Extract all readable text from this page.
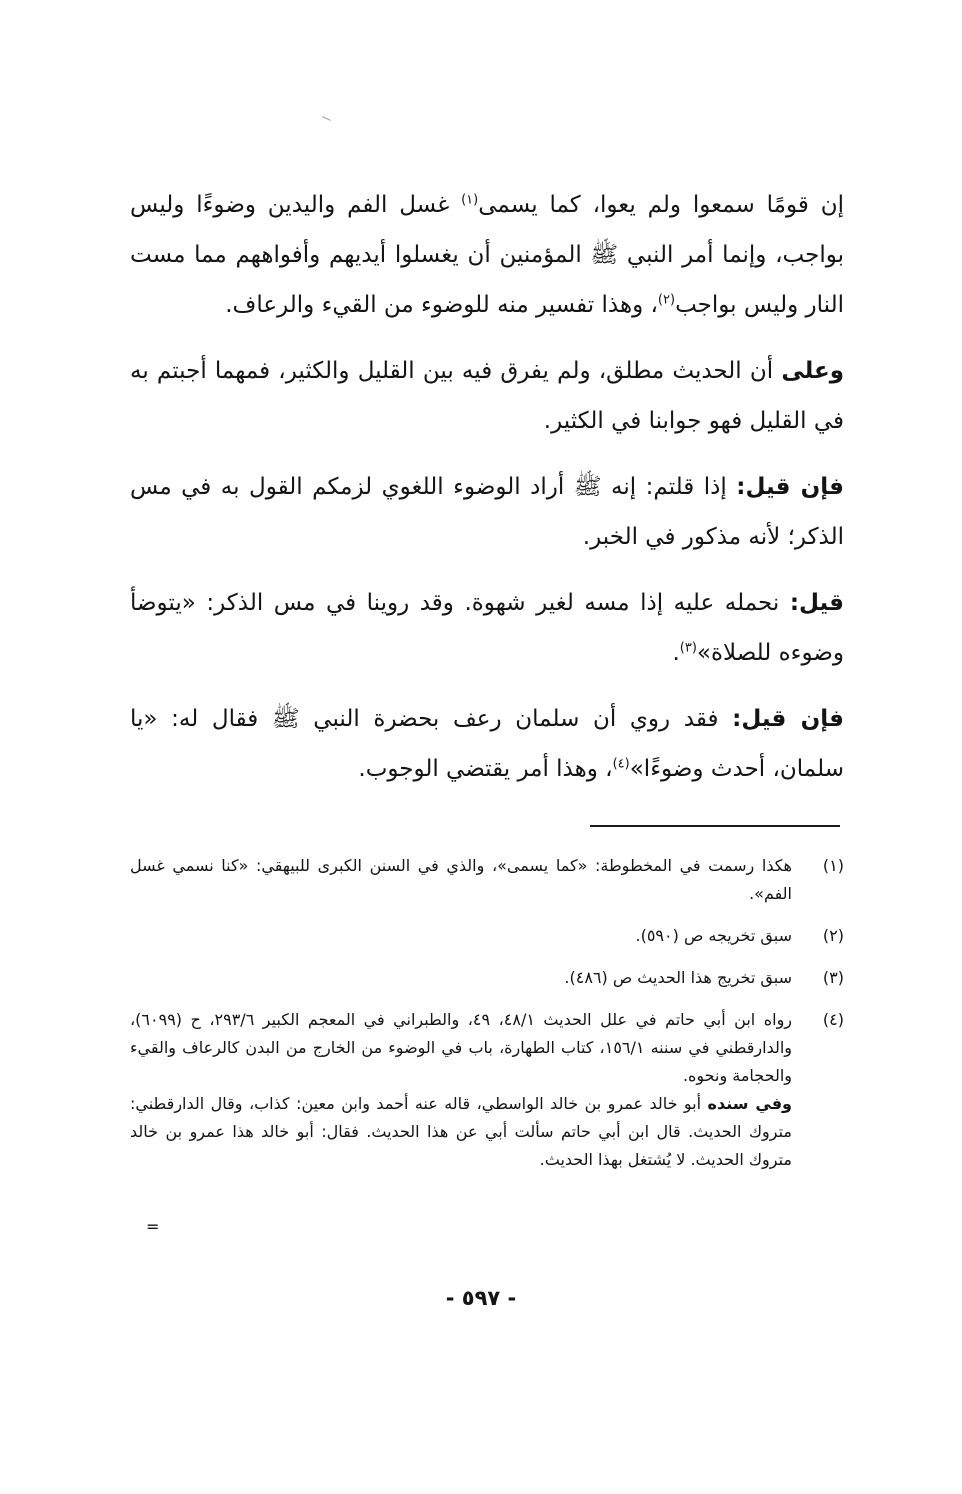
إن قومًا سمعوا ولم يعوا، كما يسمى$^{(١)}$ غسل الفم واليدين وضوءًا وليس بواجب، وإنما أمر النبي ﷺ المؤمنين أن يغسلوا أيديهم وأفواههم مما مست النار وليس بواجب$^{(٢)}$، وهذا تفسير منه للوضوء من القيء والرعاف.

وعلى أن الحديث مطلق، ولم يفرق فيه بين القليل والكثير، فمهما أجبتم به في القليل فهو جوابنا في الكثير.

فإن قيل: إذا قلتم: إنه ﷺ أراد الوضوء اللغوي لزمكم القول به في مس الذكر؛ لأنه مذكور في الخبر.

قيل: نحمله عليه إذا مسه لغير شهوة. وقد روينا في مس الذكر: «يتوضأ وضوءه للصلاة»$^{(٣)}$.

فإن قيل: فقد روي أن سلمان رعف بحضرة النبي ﷺ فقال له: «يا سلمان، أحدث وضوءًا»$^{(٤)}$، وهذا أمر يقتضي الوجوب.

(١)

هكذا رسمت في المخطوطة: «كما يسمى»، والذي في السنن الكبرى للبيهقي: «كنا نسمي غسل الفم».

(٢)

سبق تخريجه ص (٥٩٠).

(٣)

سبق تخريج هذا الحديث ص (٤٨٦).

(٤)

رواه ابن أبي حاتم في علل الحديث ٤٨/١، ٤٩، والطبراني في المعجم الكبير ٢٩٣/٦، ح (٦٠٩٩)، والدارقطني في سننه ١٥٦/١، كتاب الطهارة، باب في الوضوء من الخارج من البدن كالرعاف والقيء والحجامة ونحوه.

وفي سنده أبو خالد عمرو بن خالد الواسطي، قاله عنه أحمد وابن معين: كذاب، وقال الدارقطني: متروك الحديث. قال ابن أبي حاتم سألت أبي عن هذا الحديث. فقال: أبو خالد هذا عمرو بن خالد متروك الحديث. لا يُشتغل بهذا الحديث.

=
- ٥٩٧ -
